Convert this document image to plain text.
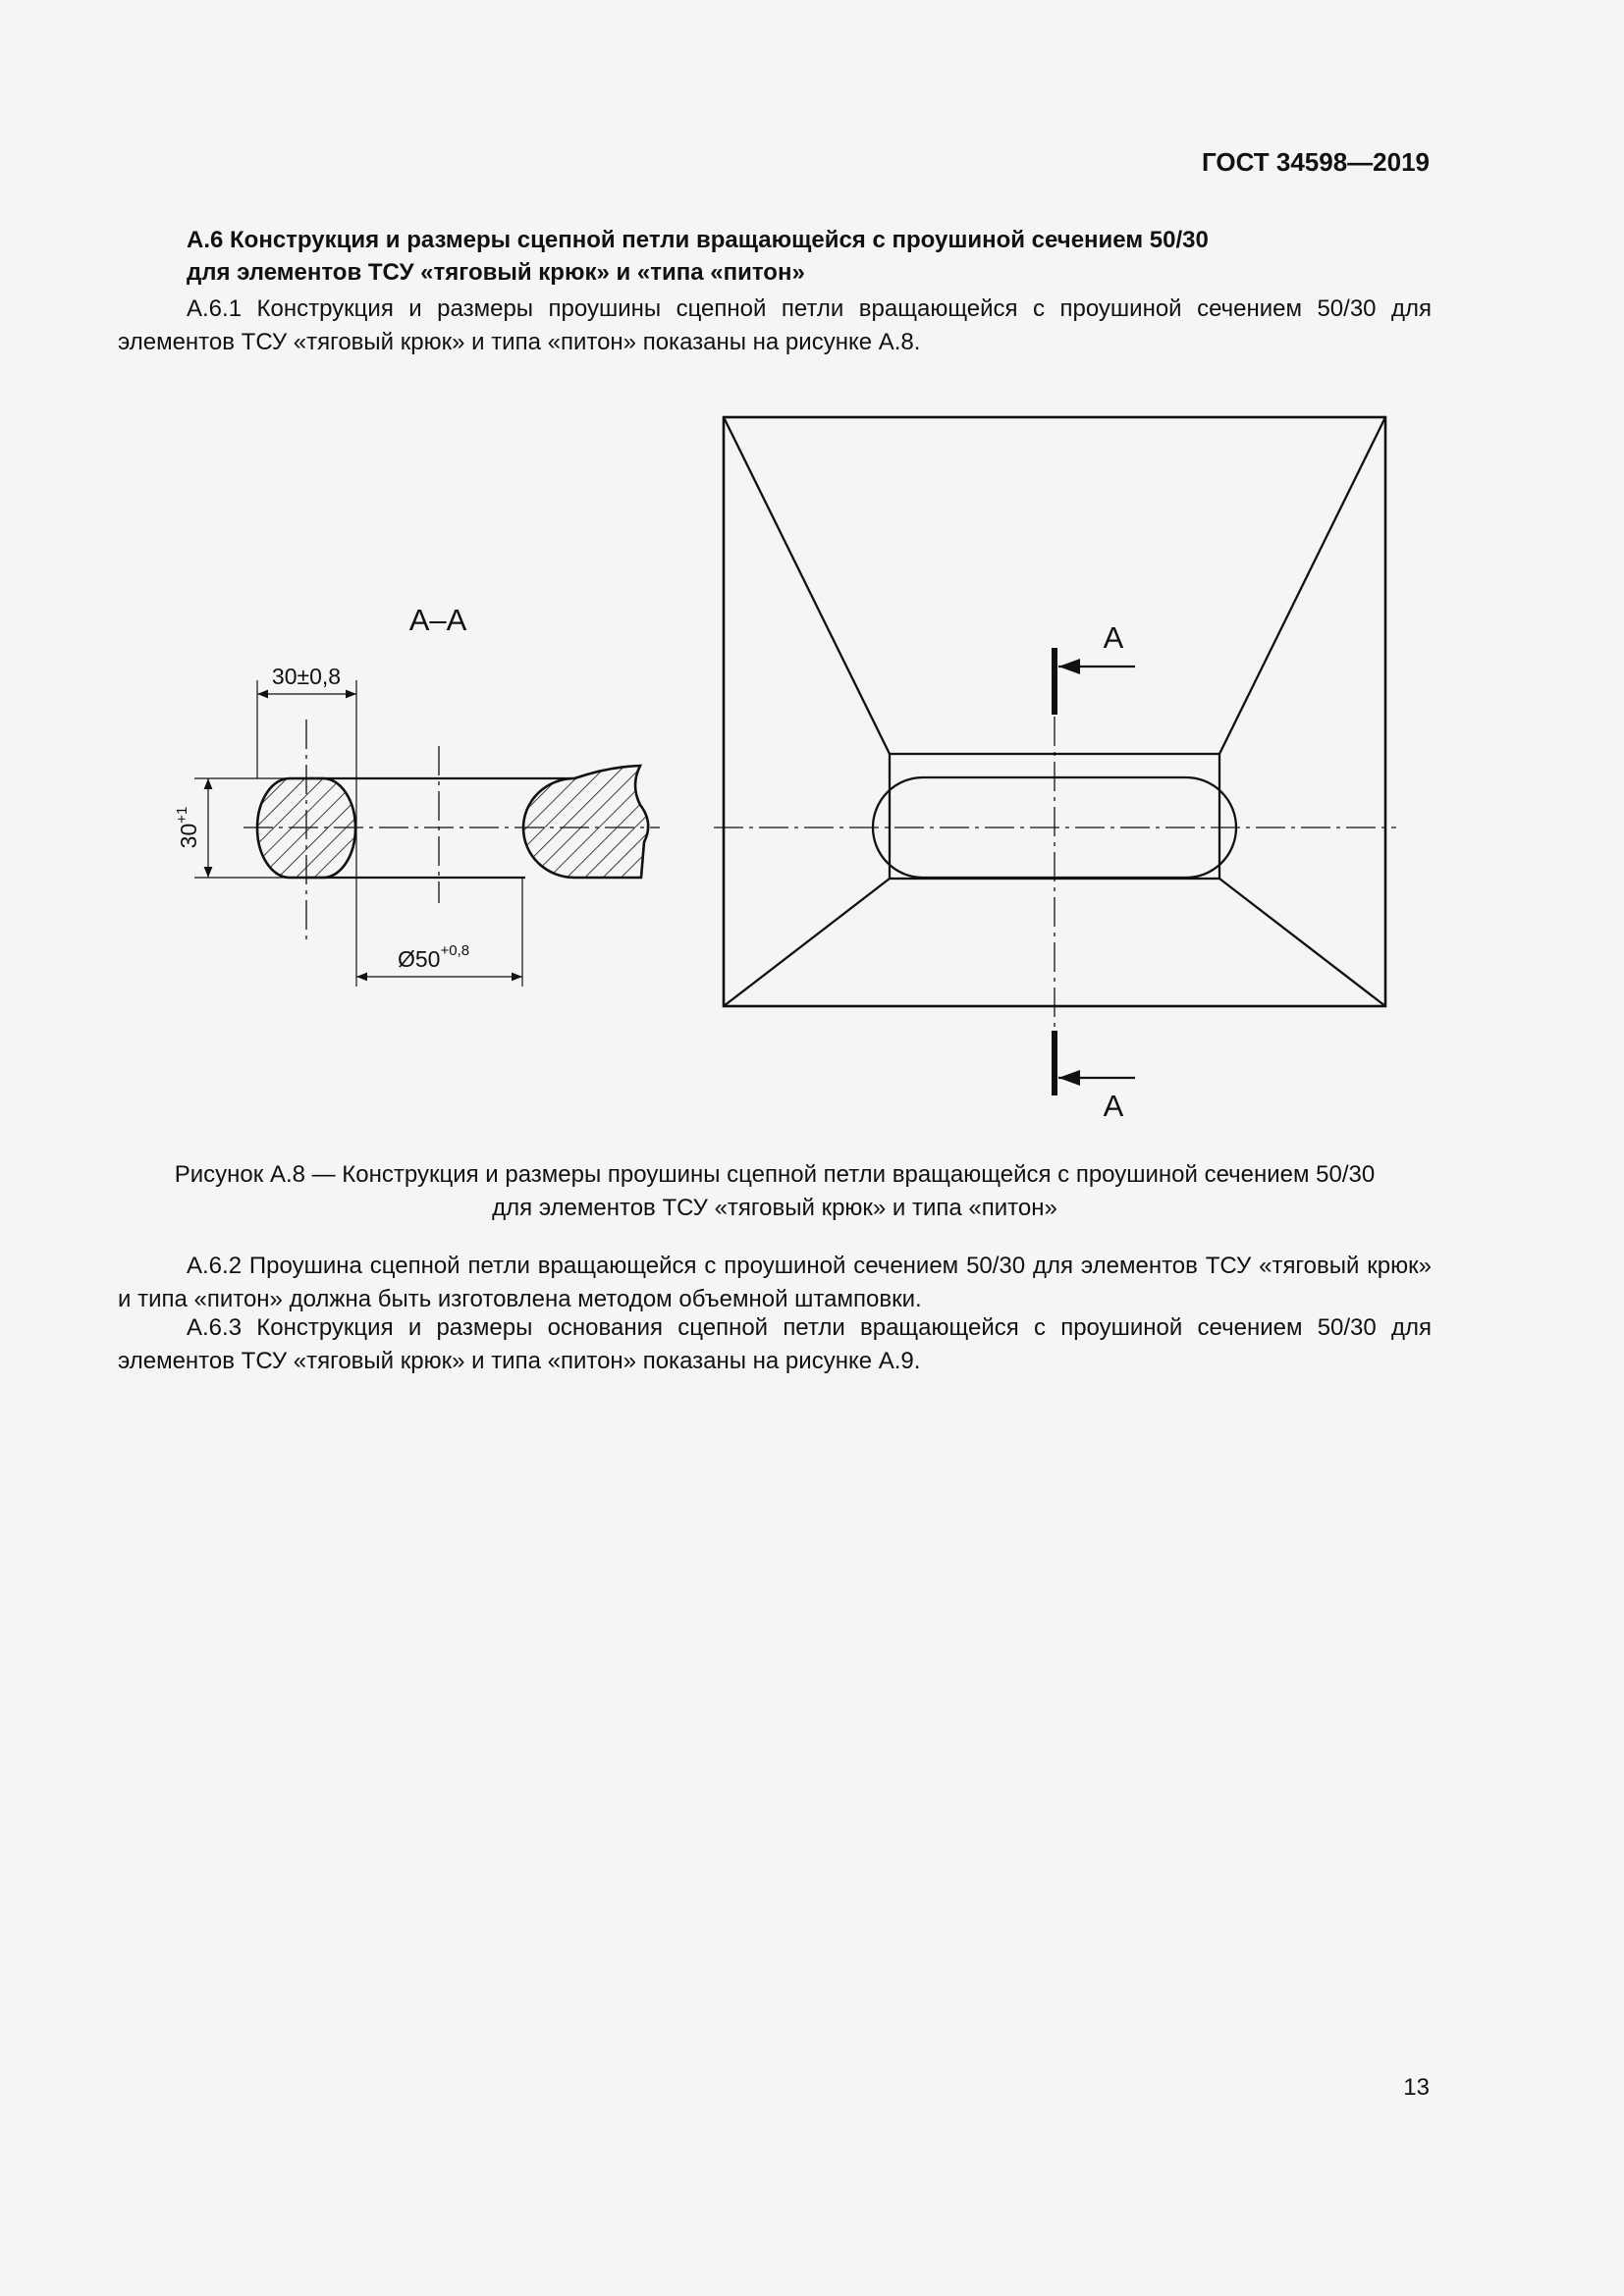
ГОСТ 34598—2019
А.6 Конструкция и размеры сцепной петли вращающейся с проушиной сечением 50/30
для элементов ТСУ «тяговый крюк» и «типа «питон»

А.6.1 Конструкция и размеры проушины сцепной петли вращающейся с проушиной сечением 50/30 для элементов ТСУ «тяговый крюк» и типа «питон» показаны на рисунке А.8.

А–А
30±0,8
$30^{+1}$
$Ø50^{+0,8}$
А
А
Рисунок А.8 — Конструкция и размеры проушины сцепной петли вращающейся с проушиной сечением 50/30
для элементов ТСУ «тяговый крюк» и типа «питон»

А.6.2 Проушина сцепной петли вращающейся с проушиной сечением 50/30 для элементов ТСУ «тяговый крюк» и типа «питон» должна быть изготовлена методом объемной штамповки.

А.6.3 Конструкция и размеры основания сцепной петли вращающейся с проушиной сечением 50/30 для элементов ТСУ «тяговый крюк» и типа «питон» показаны на рисунке А.9.

13
